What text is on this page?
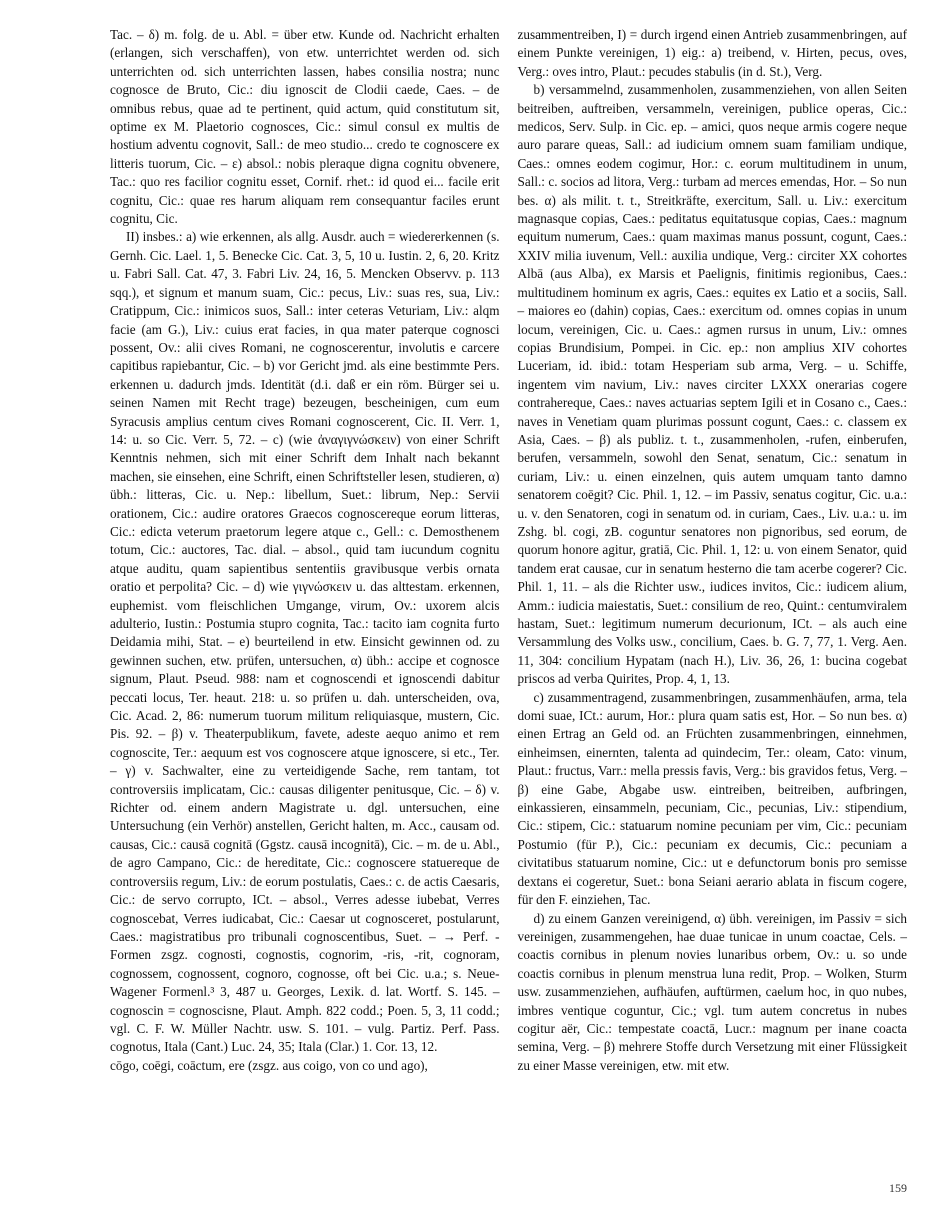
Tac. – δ) m. folg. de u. Abl. = über etw. Kunde od. Nachricht erhalten (erlangen, sich verschaffen), von etw. unterrichtet werden od. sich unterrichten od. sich unterrichten lassen, habes consilia nostra; nunc cognosce de Bruto, Cic.: diu ignoscit de Clodii caede, Caes. – de omnibus rebus, quae ad te pertinent, quid actum, quid constitutum sit, optime ex M. Plaetorio cognosces, Cic.: simul consul ex multis de hostium adventu cognovit, Sall.: de meo studio... credo te cognoscere ex litteris tuorum, Cic. – ε) absol.: nobis pleraque digna cognitu obvenere, Tac.: quo res facilior cognitu esset, Cornif. rhet.: id quod ei... facile erit cognitu, Cic.: quae res harum aliquam rem consequantur faciles erunt cognitu, Cic.

II) insbes.: a) wie erkennen, als allg. Ausdr. auch = wiedererkennen (s. Gernh. Cic. Lael. 1, 5. Benecke Cic. Cat. 3, 5, 10 u. Iustin. 2, 6, 20. Kritz u. Fabri Sall. Cat. 47, 3. Fabri Liv. 24, 16, 5. Mencken Observv. p. 113 sqq.), et signum et manum suam, Cic.: pecus, Liv.: suas res, sua, Liv.: Cratippum, Cic.: inimicos suos, Sall.: inter ceteras Veturiam, Liv.: alqm facie (am G.), Liv.: cuius erat facies, in qua mater paterque cognosci possent, Ov.: alii cives Romani, ne cognoscerentur, involutis e carcere capitibus rapiebantur, Cic. – b) vor Gericht jmd. als eine bestimmte Pers. erkennen u. dadurch jmds. Identität (d.i. daß er ein röm. Bürger sei u. seinen Namen mit Recht trage) bezeugen, bescheinigen, cum eum Syracusis amplius centum cives Romani cognoscerent, Cic. II. Verr. 1, 14: u. so Cic. Verr. 5, 72. – c) (wie ἀναγιγνώσκειν) von einer Schrift Kenntnis nehmen, sich mit einer Schrift dem Inhalt nach bekannt machen, sie einsehen, eine Schrift, einen Schriftsteller lesen, studieren, α) übh.: litteras, Cic. u. Nep.: libellum, Suet.: librum, Nep.: Servii orationem, Cic.: audire oratores Graecos cognoscereque eorum litteras, Cic.: edicta veterum praetorum legere atque c., Gell.: c. Demosthenem totum, Cic.: auctores, Tac. dial. – absol., quid tam iucundum cognitu atque auditu, quam sapientibus sententiis gravibusque verbis ornata oratio et perpolita? Cic. – d) wie γιγνώσκειν u. das alttestam. erkennen, euphemist. vom fleischlichen Umgange, virum, Ov.: uxorem alcis adulterio, Iustin.: Postumia stupro cognita, Tac.: tacito iam cognita furto Deidamia mihi, Stat. – e) beurteilend in etw. Einsicht gewinnen od. zu gewinnen suchen, etw. prüfen, untersuchen, α) übh.: accipe et cognosce signum, Plaut. Pseud. 988: nam et cognoscendi et ignoscendi dabitur peccati locus, Ter. heaut. 218: u. so prüfen u. dah. unterscheiden, ova, Cic. Acad. 2, 86: numerum tuorum militum reliquiasque, mustern, Cic. Pis. 92. – β) v. Theaterpublikum, favete, adeste aequo animo et rem cognoscite, Ter.: aequum est vos cognoscere atque ignoscere, si etc., Ter. – γ) v. Sachwalter, eine zu verteidigende Sache, rem tantam, tot controversiis implicatam, Cic.: causas diligenter penitusque, Cic. – δ) v. Richter od. einem andern Magistrate u. dgl. untersuchen, eine Untersuchung (ein Verhör) anstellen, Gericht halten, m. Acc., causam od. causas, Cic.: causā cognitā (Ggstz. causā incognitā), Cic. – m. de u. Abl., de agro Campano, Cic.: de hereditate, Cic.: cognoscere statuereque de controversiis regum, Liv.: de eorum postulatis, Caes.: c. de actis Caesaris, Cic.: de servo corrupto, ICt. – absol., Verres adesse iubebat, Verres cognoscebat, Verres iudicabat, Cic.: Caesar ut cognosceret, postularunt, Caes.: magistratibus pro tribunali cognoscentibus, Suet. – → Perf. -Formen zsgz. cognosti, cognostis, cognorim, -ris, -rit, cognoram, cognossem, cognossent, cognoro, cognosse, oft bei Cic. u.a.; s. Neue-Wagener Formenl.³ 3, 487 u. Georges, Lexik. d. lat. Wortf. S. 145. – cognoscin = cognoscisne, Plaut. Amph. 822 codd.; Poen. 5, 3, 11 codd.; vgl. C. F. W. Müller Nachtr. usw. S. 101. – vulg. Partiz. Perf. Pass. cognotus, Itala (Cant.) Luc. 24, 35; Itala (Clar.) 1. Cor. 13, 12.

cōgo, coēgi, coāctum, ere (zsgz. aus coigo, von co und ago),

zusammentreiben, I) = durch irgend einen Antrieb zusammenbringen, auf einem Punkte vereinigen, 1) eig.: a) treibend, v. Hirten, pecus, oves, Verg.: oves intro, Plaut.: pecudes stabulis (in d. St.), Verg.

b) versammelnd, zusammenholen, zusammenziehen, von allen Seiten beitreiben, auftreiben, versammeln, vereinigen, publice operas, Cic.: medicos, Serv. Sulp. in Cic. ep. – amici, quos neque armis cogere neque auro parare queas, Sall.: ad iudicium omnem suam familiam undique, Caes.: omnes eodem cogimur, Hor.: c. eorum multitudinem in unum, Sall.: c. socios ad litora, Verg.: turbam ad merces emendas, Hor. – So nun bes. α) als milit. t. t., Streitkräfte, exercitum, Sall. u. Liv.: exercitum magnasque copias, Caes.: peditatus equitatusque copias, Caes.: magnum equitum numerum, Caes.: quam maximas manus possunt, cogunt, Caes.: XXIV milia iuvenum, Vell.: auxilia undique, Verg.: circiter XX cohortes Albā (aus Alba), ex Marsis et Paelignis, finitimis regionibus, Caes.: multitudinem hominum ex agris, Caes.: equites ex Latio et a sociis, Sall. – maiores eo (dahin) copias, Caes.: exercitum od. omnes copias in unum locum, vereinigen, Cic. u. Caes.: agmen rursus in unum, Liv.: omnes copias Brundisium, Pompei. in Cic. ep.: non amplius XIV cohortes Luceriam, id. ibid.: totam Hesperiam sub arma, Verg. – u. Schiffe, ingentem vim navium, Liv.: naves circiter LXXX onerarias cogere contrahereque, Caes.: naves actuarias septem Igili et in Cosano c., Caes.: naves in Venetiam quam plurimas possunt cogunt, Caes.: c. classem ex Asia, Caes. – β) als publiz. t. t., zusammenholen, -rufen, einberufen, berufen, versammeln, sowohl den Senat, senatum, Cic.: senatum in curiam, Liv.: u. einen einzelnen, quis autem umquam tanto damno senatorem coēgit? Cic. Phil. 1, 12. – im Passiv, senatus cogitur, Cic. u.a.: u. v. den Senatoren, cogi in senatum od. in curiam, Caes., Liv. u.a.: u. im Zshg. bl. cogi, zB. coguntur senatores non pignoribus, sed eorum, de quorum honore agitur, gratiā, Cic. Phil. 1, 12: u. von einem Senator, quid tandem erat causae, cur in senatum hesterno die tam acerbe cogerer? Cic. Phil. 1, 11. – als die Richter usw., iudices invitos, Cic.: iudicem alium, Amm.: iudicia maiestatis, Suet.: consilium de reo, Quint.: centumviralem hastam, Suet.: legitimum numerum decurionum, ICt. – als auch eine Versammlung des Volks usw., concilium, Caes. b. G. 7, 77, 1. Verg. Aen. 11, 304: concilium Hypatam (nach H.), Liv. 36, 26, 1: bucina cogebat priscos ad verba Quirites, Prop. 4, 1, 13.

c) zusammentragend, zusammenbringen, zusammenhäufen, arma, tela domi suae, ICt.: aurum, Hor.: plura quam satis est, Hor. – So nun bes. α) einen Ertrag an Geld od. an Früchten zusammenbringen, einnehmen, einheimsen, einernten, talenta ad quindecim, Ter.: oleam, Cato: vinum, Plaut.: fructus, Varr.: mella pressis favis, Verg.: bis gravidos fetus, Verg. – β) eine Gabe, Abgabe usw. eintreiben, beitreiben, aufbringen, einkassieren, einsammeln, pecuniam, Cic., pecunias, Liv.: stipendium, Cic.: stipem, Cic.: statuarum nomine pecuniam per vim, Cic.: pecuniam Postumio (für P.), Cic.: pecuniam ex decumis, Cic.: pecuniam a civitatibus statuarum nomine, Cic.: ut e defunctorum bonis pro semisse dextans ei cogeretur, Suet.: bona Seiani aerario ablata in fiscum cogere, für den F. einziehen, Tac.

d) zu einem Ganzen vereinigend, α) übh. vereinigen, im Passiv = sich vereinigen, zusammengehen, hae duae tunicae in unum coactae, Cels. – coactis cornibus in plenum novies lunaribus orbem, Ov.: u. so unde coactis cornibus in plenum menstrua luna redit, Prop. – Wolken, Sturm usw. zusammenziehen, aufhäufen, auftürmen, caelum hoc, in quo nubes, imbres ventique coguntur, Cic.; vgl. tum autem concretus in nubes cogitur aër, Cic.: tempestate coactā, Lucr.: magnum per inane coacta semina, Verg. – β) mehrere Stoffe durch Versetzung mit einer Flüssigkeit zu einer Masse vereinigen, etw. mit etw.

159
